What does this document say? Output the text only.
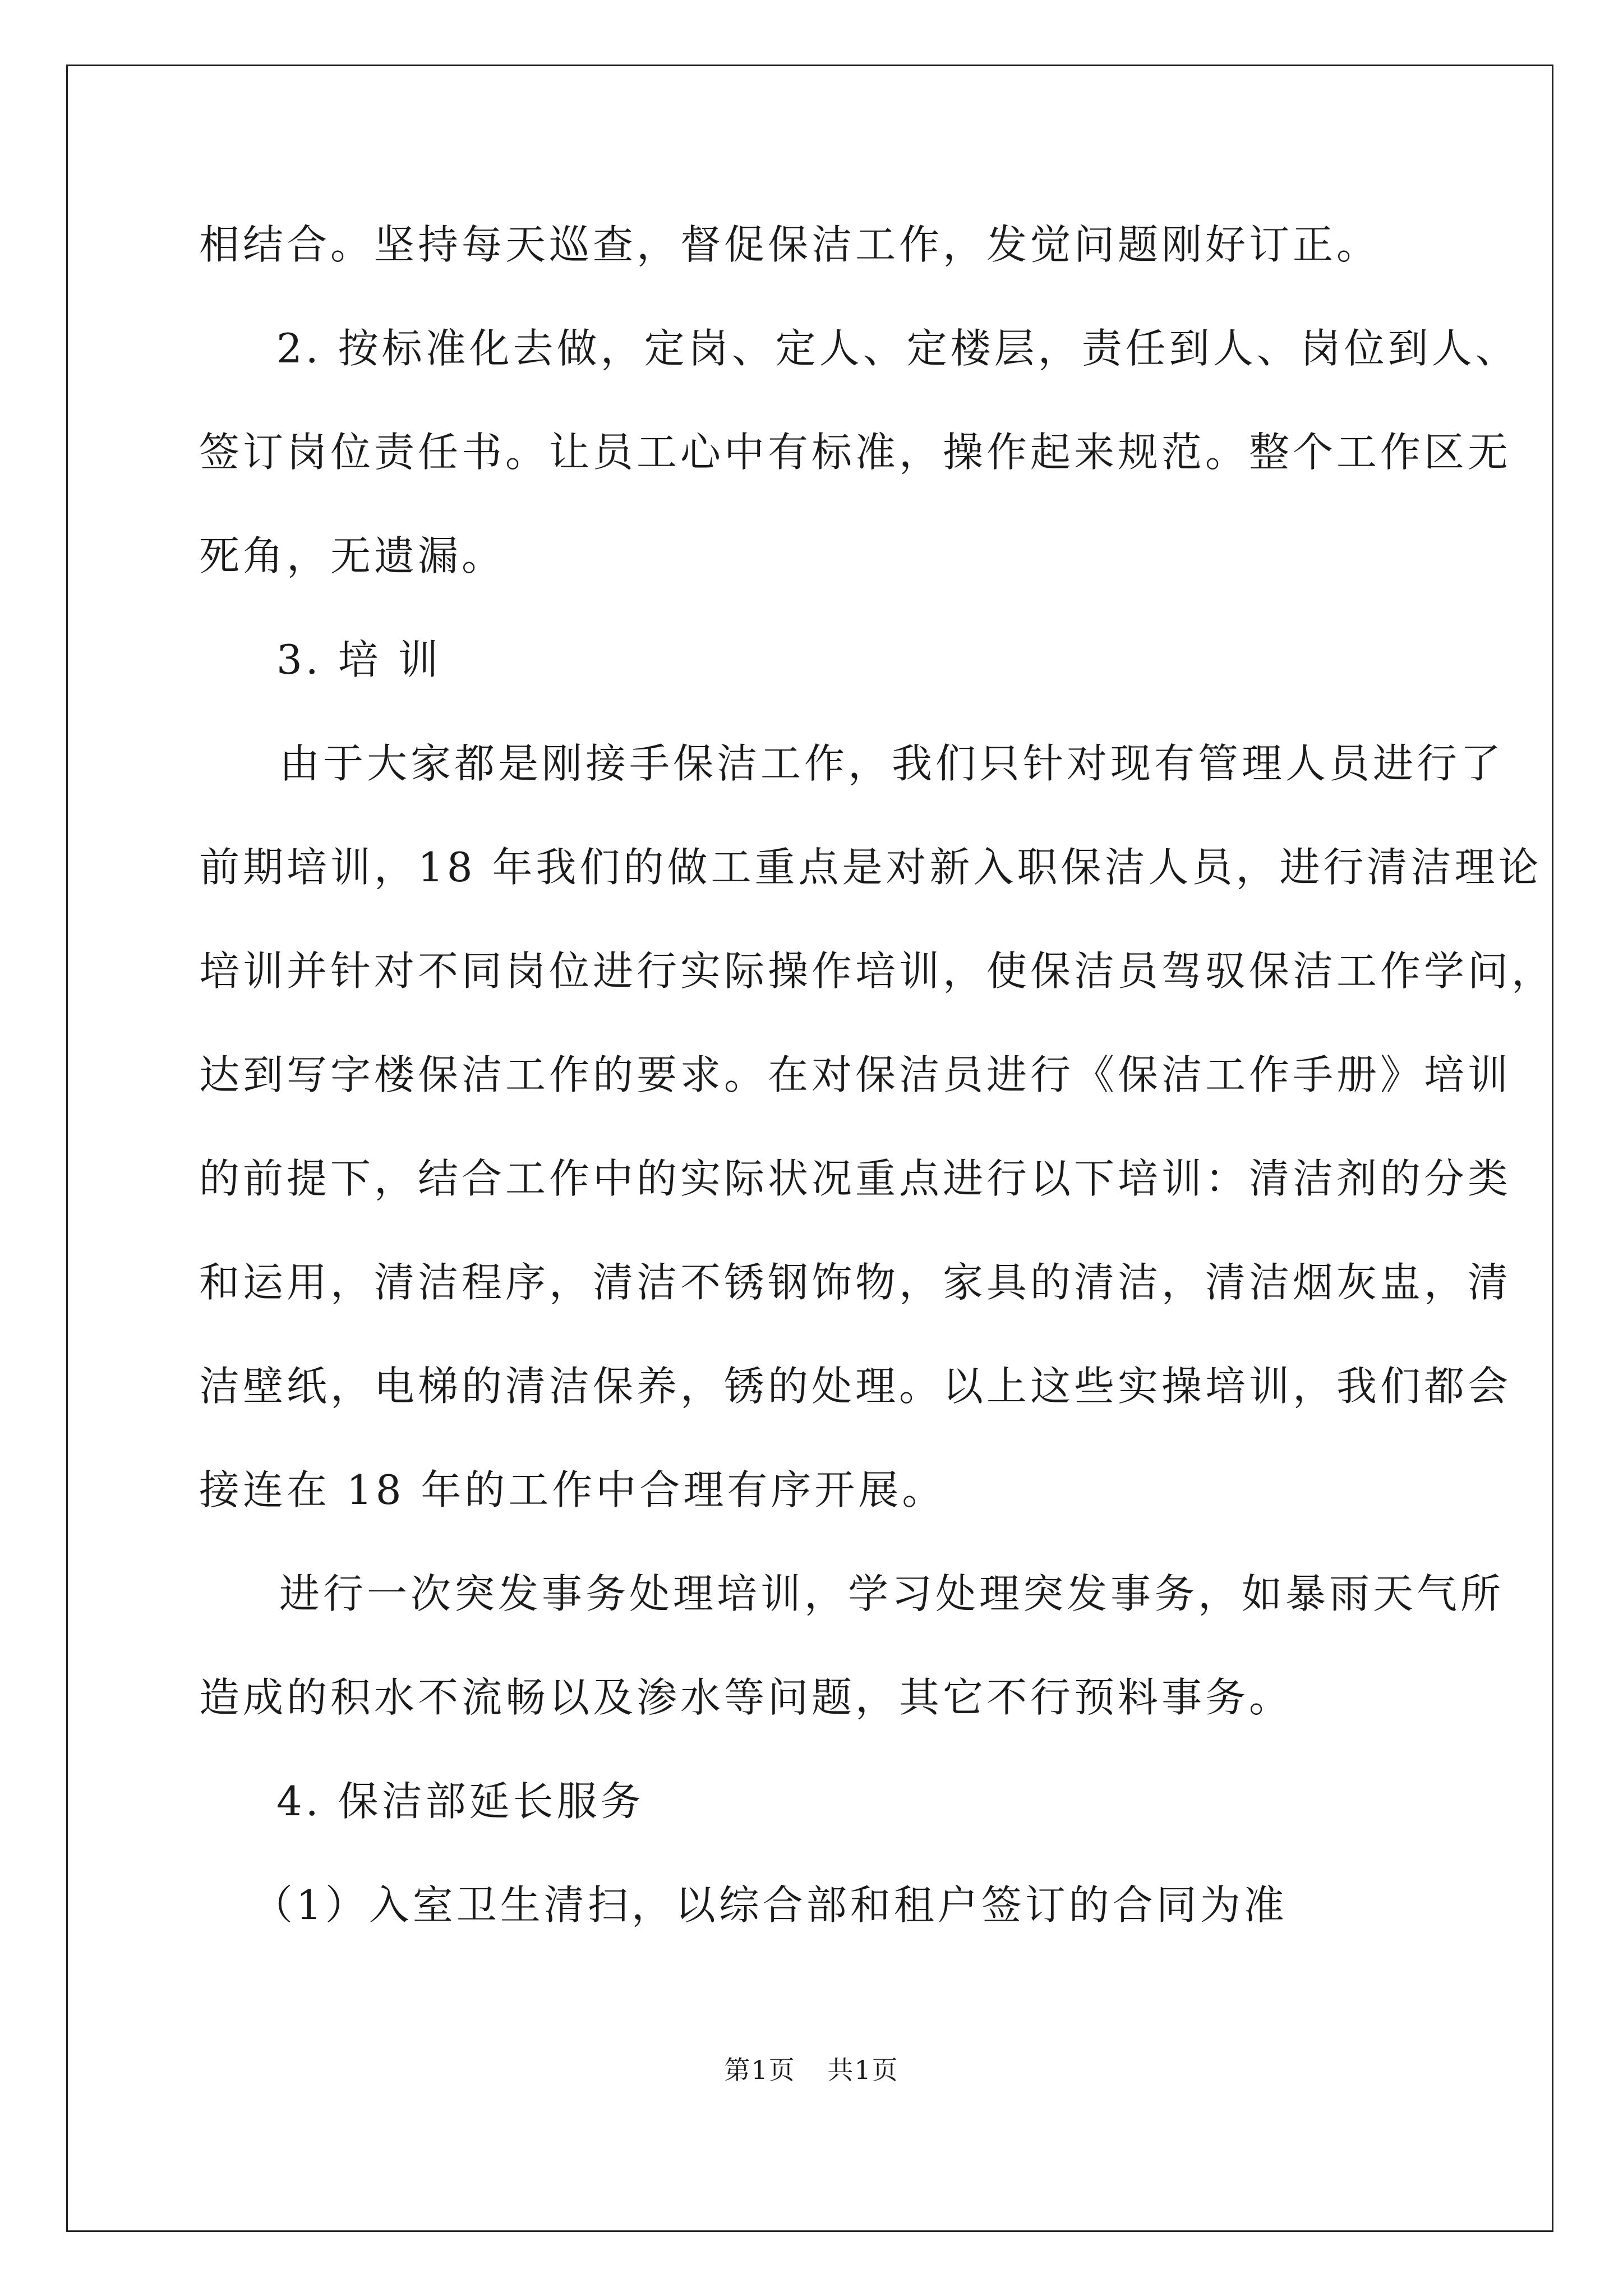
相结合。坚持每天巡查，督促保洁工作，发觉问题刚好订正。
2. 按标准化去做，定岗、定人、定楼层，责任到人、岗位到人、
签订岗位责任书。让员工心中有标准，操作起来规范。整个工作区无
死角，无遗漏。
3. 培 训
由于大家都是刚接手保洁工作，我们只针对现有管理人员进行了
前期培训，18 年我们的做工重点是对新入职保洁人员，进行清洁理论
培训并针对不同岗位进行实际操作培训，使保洁员驾驭保洁工作学问，
达到写字楼保洁工作的要求。在对保洁员进行《保洁工作手册》培训
的前提下，结合工作中的实际状况重点进行以下培训：清洁剂的分类
和运用，清洁程序，清洁不锈钢饰物，家具的清洁，清洁烟灰盅，清
洁壁纸，电梯的清洁保养，锈的处理。以上这些实操培训，我们都会
接连在 18 年的工作中合理有序开展。
进行一次突发事务处理培训，学习处理突发事务，如暴雨天气所
造成的积水不流畅以及渗水等问题，其它不行预料事务。
4. 保洁部延长服务
（1）入室卫生清扫，以综合部和租户签订的合同为准
第1页 共1页
